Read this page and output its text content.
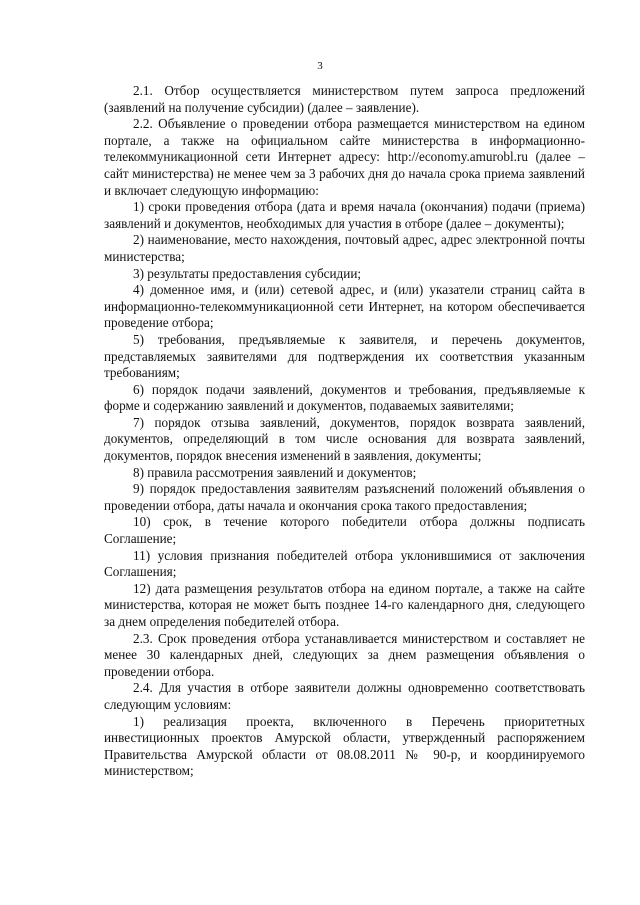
3

2.1. Отбор осуществляется министерством путем запроса предложений (заявлений на получение субсидии) (далее – заявление).

2.2. Объявление о проведении отбора размещается министерством на едином портале, а также на официальном сайте министерства в информационно-телекоммуникационной сети Интернет адресу: http://economy.amurobl.ru (далее – сайт министерства) не менее чем за 3 рабочих дня до начала срока приема заявлений и включает следующую информацию:

1) сроки проведения отбора (дата и время начала (окончания) подачи (приема) заявлений и документов, необходимых для участия в отборе (далее – документы);

2) наименование, место нахождения, почтовый адрес, адрес электронной почты министерства;

3) результаты предоставления субсидии;

4) доменное имя, и (или) сетевой адрес, и (или) указатели страниц сайта в информационно-телекоммуникационной сети Интернет, на котором обеспечивается проведение отбора;

5) требования, предъявляемые к заявителя, и перечень документов, представляемых заявителями для подтверждения их соответствия указанным требованиям;

6) порядок подачи заявлений, документов и требования, предъявляемые к форме и содержанию заявлений и документов, подаваемых заявителями;

7) порядок отзыва заявлений, документов, порядок возврата заявлений, документов, определяющий в том числе основания для возврата заявлений, документов, порядок внесения изменений в заявления, документы;

8) правила рассмотрения заявлений и документов;

9) порядок предоставления заявителям разъяснений положений объявления о проведении отбора, даты начала и окончания срока такого предоставления;

10) срок, в течение которого победители отбора должны подписать Соглашение;

11) условия признания победителей отбора уклонившимися от заключения Соглашения;

12) дата размещения результатов отбора на едином портале, а также на сайте министерства, которая не может быть позднее 14-го календарного дня, следующего за днем определения победителей отбора.

2.3. Срок проведения отбора устанавливается министерством и составляет не менее 30 календарных дней, следующих за днем размещения объявления о проведении отбора.

2.4. Для участия в отборе заявители должны одновременно соответствовать следующим условиям:

1) реализация проекта, включенного в Перечень приоритетных инвестиционных проектов Амурской области, утвержденный распоряжением Правительства Амурской области от 08.08.2011 № 90-р, и координируемого министерством;
